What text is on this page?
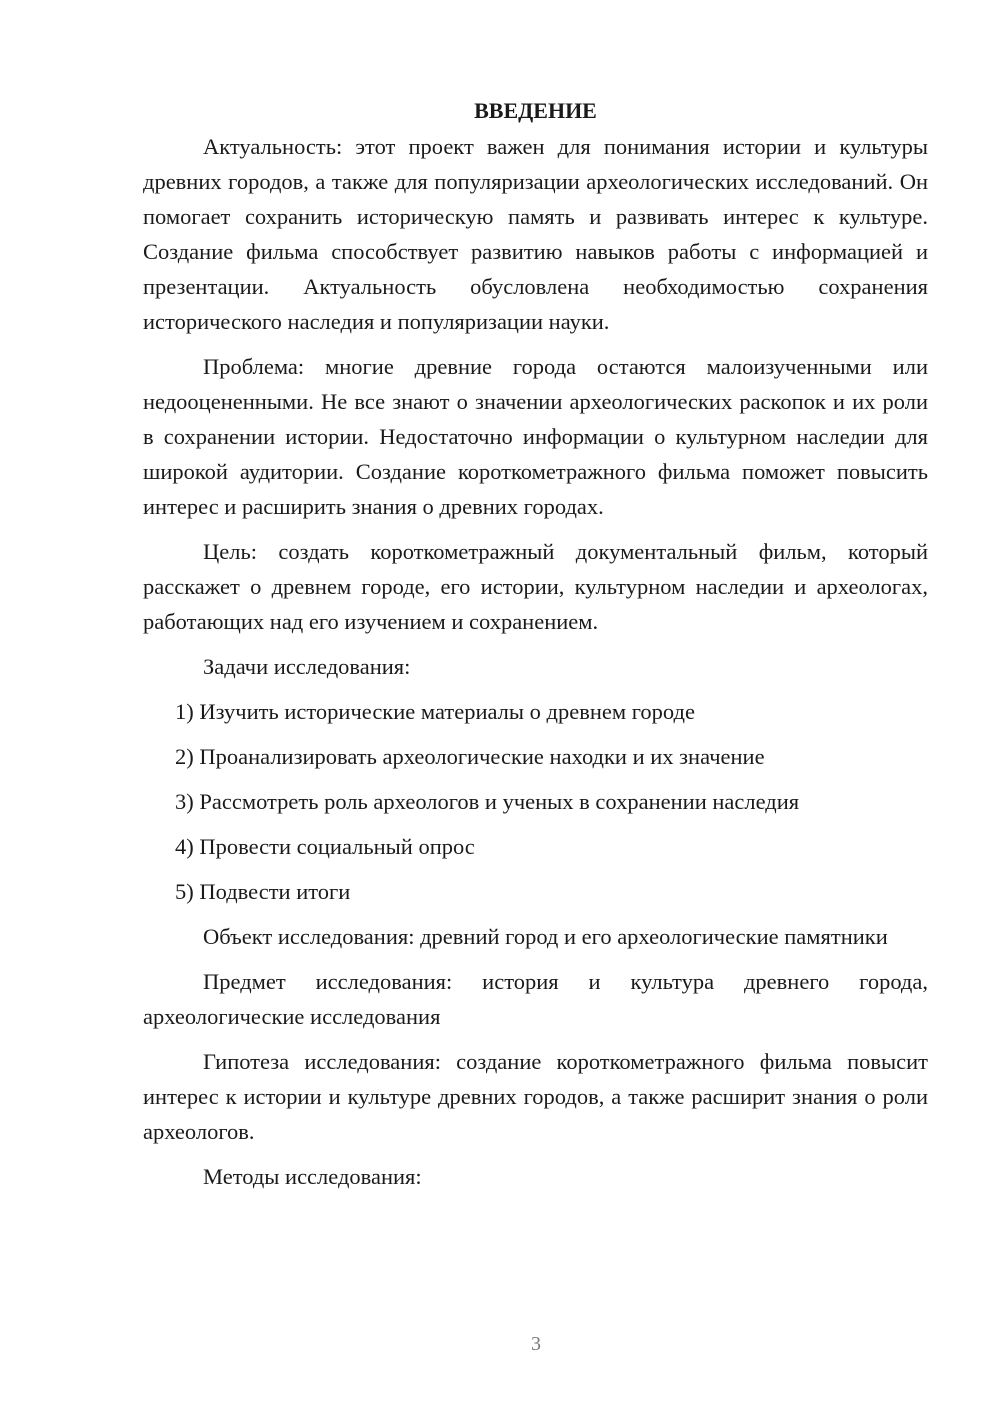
ВВЕДЕНИЕ

Актуальность: этот проект важен для понимания истории и культуры древних городов, а также для популяризации археологических исследований. Он помогает сохранить историческую память и развивать интерес к культуре. Создание фильма способствует развитию навыков работы с информацией и презентации. Актуальность обусловлена необходимостью сохранения исторического наследия и популяризации науки.

Проблема: многие древние города остаются малоизученными или недооцененными. Не все знают о значении археологических раскопок и их роли в сохранении истории. Недостаточно информации о культурном наследии для широкой аудитории. Создание короткометражного фильма поможет повысить интерес и расширить знания о древних городах.

Цель: создать короткометражный документальный фильм, который расскажет о древнем городе, его истории, культурном наследии и археологах, работающих над его изучением и сохранением.

Задачи исследования:

1) Изучить исторические материалы о древнем городе
2) Проанализировать археологические находки и их значение
3) Рассмотреть роль археологов и ученых в сохранении наследия
4) Провести социальный опрос
5) Подвести итоги

Объект исследования: древний город и его археологические памятники

Предмет исследования: история и культура древнего города, археологические исследования

Гипотеза исследования: создание короткометражного фильма повысит интерес к истории и культуре древних городов, а также расширит знания о роли археологов.

Методы исследования:

3
